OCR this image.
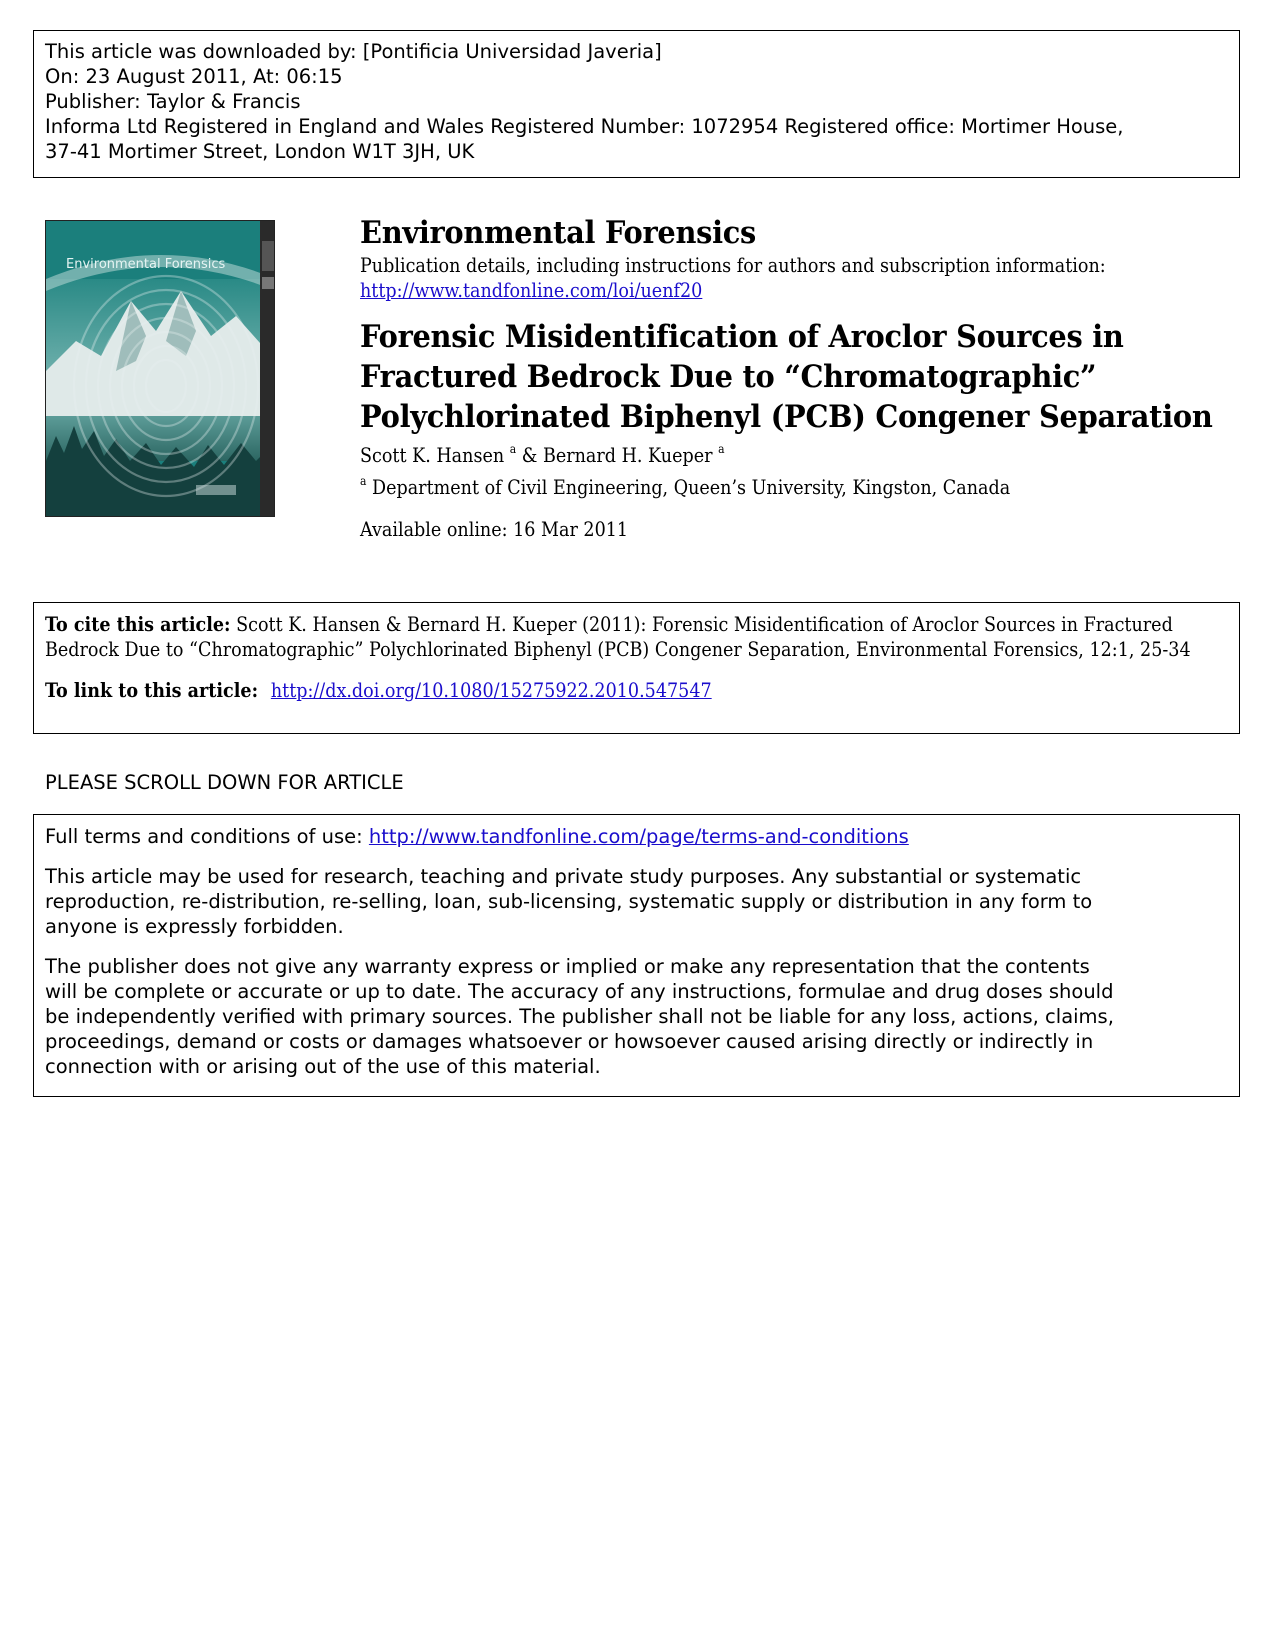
This article was downloaded by: [Pontificia Universidad Javeria]
On: 23 August 2011, At: 06:15
Publisher: Taylor & Francis
Informa Ltd Registered in England and Wales Registered Number: 1072954 Registered office: Mortimer House,
37-41 Mortimer Street, London W1T 3JH, UK
Environmental Forensics
Environmental Forensics
Publication details, including instructions for authors and subscription information:
http://www.tandfonline.com/loi/uenf20
Forensic Misidentification of Aroclor Sources in
Fractured Bedrock Due to “Chromatographic”
Polychlorinated Biphenyl (PCB) Congener Separation
Scott K. Hansen $^a$ & Bernard H. Kueper $^a$
$^a$ Department of Civil Engineering, Queen’s University, Kingston, Canada
Available online: 16 Mar 2011
To cite this article: Scott K. Hansen & Bernard H. Kueper (2011): Forensic Misidentification of Aroclor Sources in Fractured
Bedrock Due to “Chromatographic” Polychlorinated Biphenyl (PCB) Congener Separation, Environmental Forensics, 12:1, 25-34
To link to this article: http://dx.doi.org/10.1080/15275922.2010.547547
PLEASE SCROLL DOWN FOR ARTICLE
Full terms and conditions of use: http://www.tandfonline.com/page/terms-and-conditions
This article may be used for research, teaching and private study purposes. Any substantial or systematic
reproduction, re-distribution, re-selling, loan, sub-licensing, systematic supply or distribution in any form to
anyone is expressly forbidden.
The publisher does not give any warranty express or implied or make any representation that the contents
will be complete or accurate or up to date. The accuracy of any instructions, formulae and drug doses should
be independently verified with primary sources. The publisher shall not be liable for any loss, actions, claims,
proceedings, demand or costs or damages whatsoever or howsoever caused arising directly or indirectly in
connection with or arising out of the use of this material.
